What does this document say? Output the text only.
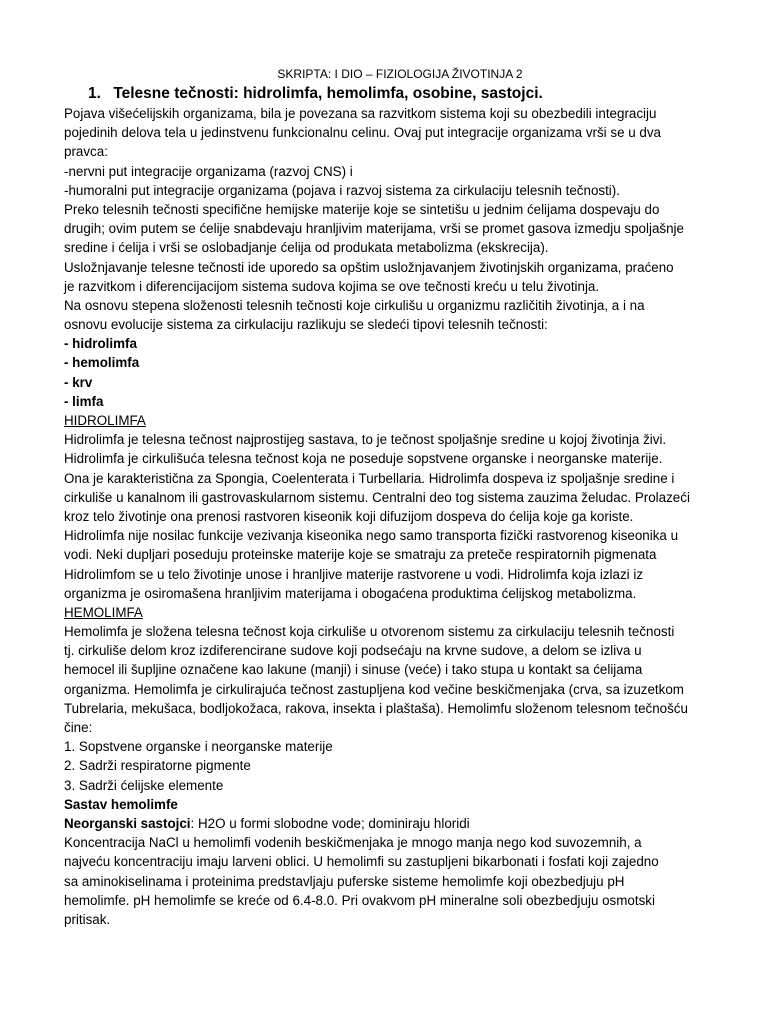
SKRIPTA: I DIO – FIZIOLOGIJA ŽIVOTINJA 2
1. Telesne tečnosti: hidrolimfa, hemolimfa, osobine, sastojci.
Pojava višećelijskih organizama, bila je povezana sa razvitkom sistema koji su obezbedili integraciju
pojedinih delova tela u jedinstvenu funkcionalnu celinu. Ovaj put integracije organizama vrši se u dva
pravca:
-nervni put integracije organizama (razvoj CNS) i
-humoralni put integracije organizama (pojava i razvoj sistema za cirkulaciju telesnih tečnosti).
Preko telesnih tečnosti specifične hemijske materije koje se sintetišu u jednim ćelijama dospevaju do
drugih; ovim putem se ćelije snabdevaju hranljivim materijama, vrši se promet gasova izmedju spoljašnje
sredine i ćelija i vrši se oslobadjanje ćelija od produkata metabolizma (ekskrecija).
Usložnjavanje telesne tečnosti ide uporedo sa opštim usložnjavanjem životinjskih organizama, praćeno
je razvitkom i diferencijacijom sistema sudova kojima se ove tečnosti kreću u telu životinja.
Na osnovu stepena složenosti telesnih tečnosti koje cirkulišu u organizmu različitih životinja, a i na
osnovu evolucije sistema za cirkulaciju razlikuju se sledeći tipovi telesnih tečnosti:
- hidrolimfa
- hemolimfa
- krv
- limfa
HIDROLIMFA
Hidrolimfa je telesna tečnost najprostijeg sastava, to je tečnost spoljašnje sredine u kojoj životinja živi.
Hidrolimfa je cirkulišuća telesna tečnost koja ne poseduje sopstvene organske i neorganske materije.
Ona je karakteristična za Spongia, Coelenterata i Turbellaria. Hidrolimfa dospeva iz spoljašnje sredine i
cirkuliše u kanalnom ili gastrovaskularnom sistemu. Centralni deo tog sistema zauzima želudac. Prolazeći
kroz telo životinje ona prenosi rastvoren kiseonik koji difuzijom dospeva do ćelija koje ga koriste.
Hidrolimfa nije nosilac funkcije vezivanja kiseonika nego samo transporta fizički rastvorenog kiseonika u
vodi. Neki dupljari poseduju proteinske materije koje se smatraju za preteče respiratornih pigmenata
Hidrolimfom se u telo životinje unose i hranljive materije rastvorene u vodi. Hidrolimfa koja izlazi iz
organizma je osiromašena hranljivim materijama i obogaćena produktima ćelijskog metabolizma.
HEMOLIMFA
Hemolimfa je složena telesna tečnost koja cirkuliše u otvorenom sistemu za cirkulaciju telesnih tečnosti
tj. cirkuliše delom kroz izdiferencirane sudove koji podsećaju na krvne sudove, a delom se izliva u
hemocel ili šupljine označene kao lakune (manji) i sinuse (veće) i tako stupa u kontakt sa ćelijama
organizma. Hemolimfa je cirkulirajuća tečnost zastupljena kod večine beskičmenjaka (crva, sa izuzetkom
Tubrelaria, mekušaca, bodljokožaca, rakova, insekta i plaštaša). Hemolimfu složenom telesnom tečnošću
čine:
1. Sopstvene organske i neorganske materije
2. Sadrži respiratorne pigmente
3. Sadrži ćelijske elemente
Sastav hemolimfe
Neorganski sastojci: H2O u formi slobodne vode; dominiraju hloridi
Koncentracija NaCl u hemolimfi vodenih beskičmenjaka je mnogo manja nego kod suvozemnih, a
najveću koncentraciju imaju larveni oblici. U hemolimfi su zastupljeni bikarbonati i fosfati koji zajedno
sa aminokiselinama i proteinima predstavljaju puferske sisteme hemolimfe koji obezbedjuju pH
hemolimfe. pH hemolimfe se kreće od 6.4-8.0. Pri ovakvom pH mineralne soli obezbedjuju osmotski
pritisak.
